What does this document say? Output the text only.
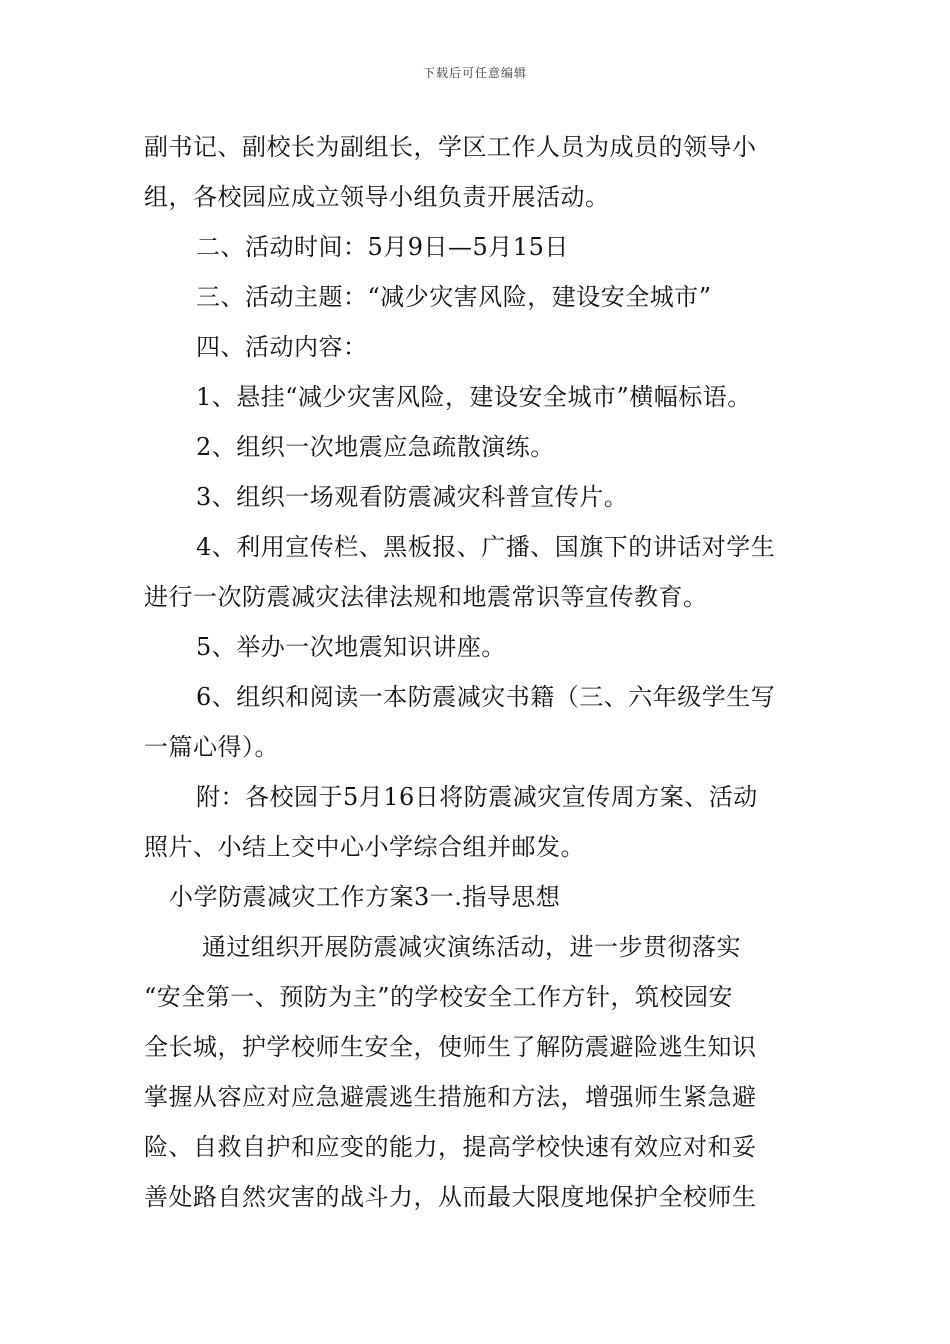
下载后可任意编辑
副书记、副校长为副组长，学区工作人员为成员的领导小
组，各校园应成立领导小组负责开展活动。
二、活动时间：5月9日—5月15日
三、活动主题：“减少灾害风险，建设安全城市”
四、活动内容：
1、悬挂“减少灾害风险，建设安全城市”横幅标语。
2、组织一次地震应急疏散演练。
3、组织一场观看防震减灾科普宣传片。
4、利用宣传栏、黑板报、广播、国旗下的讲话对学生
进行一次防震减灾法律法规和地震常识等宣传教育。
5、举办一次地震知识讲座。
6、组织和阅读一本防震减灾书籍（三、六年级学生写
一篇心得）。
附：各校园于5月16日将防震减灾宣传周方案、活动
照片、小结上交中心小学综合组并邮发。
小学防震减灾工作方案3一.指导思想
通过组织开展防震减灾演练活动，进一步贯彻落实
“安全第一、预防为主”的学校安全工作方针，筑校园安
全长城，护学校师生安全，使师生了解防震避险逃生知识
掌握从容应对应急避震逃生措施和方法，增强师生紧急避
险、自救自护和应变的能力，提高学校快速有效应对和妥
善处路自然灾害的战斗力，从而最大限度地保护全校师生
